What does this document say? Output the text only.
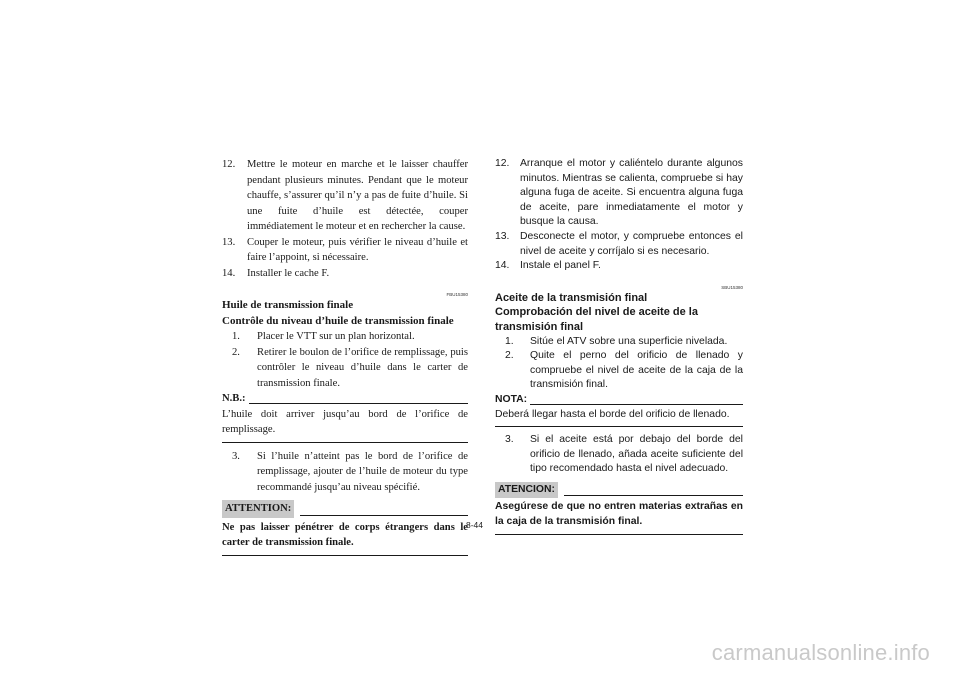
12. Mettre le moteur en marche et le laisser chauffer pendant plusieurs minutes. Pendant que le moteur chauffe, s’assurer qu’il n’y a pas de fuite d’huile. Si une fuite d’huile est détectée, couper immédiatement le moteur et en rechercher la cause.
13. Couper le moteur, puis vérifier le niveau d’huile et faire l’appoint, si nécessaire.
14. Installer le cache F.
FBU15380
Huile de transmission finale
Contrôle du niveau d’huile de transmission finale
1. Placer le VTT sur un plan horizontal.
2. Retirer le boulon de l’orifice de remplissage, puis contrôler le niveau d’huile dans le carter de transmission finale.
N.B.:
L’huile doit arriver jusqu’au bord de l’orifice de remplissage.
3. Si l’huile n’atteint pas le bord de l’orifice de remplissage, ajouter de l’huile de moteur du type recommandé jusqu’au niveau spécifié.
ATTENTION:
Ne pas laisser pénétrer de corps étrangers dans le carter de transmission finale.
12. Arranque el motor y caliéntelo durante algunos minutos. Mientras se calienta, compruebe si hay alguna fuga de aceite. Si encuentra alguna fuga de aceite, pare inmediatamente el motor y busque la causa.
13. Desconecte el motor, y compruebe entonces el nivel de aceite y corríjalo si es necesario.
14. Instale el panel F.
SBU15380
Aceite de la transmisión final
Comprobación del nivel de aceite de la transmisión final
1. Sitúe el ATV sobre una superficie nivelada.
2. Quite el perno del orificio de llenado y compruebe el nivel de aceite de la caja de la transmisión final.
NOTA:
Deberá llegar hasta el borde del orificio de llenado.
3. Si el aceite está por debajo del borde del orificio de llenado, añada aceite suficiente del tipo recomendado hasta el nivel adecuado.
ATENCION:
Asegúrese de que no entren materias extrañas en la caja de la transmisión final.
8-44
carmanualsonline.info
